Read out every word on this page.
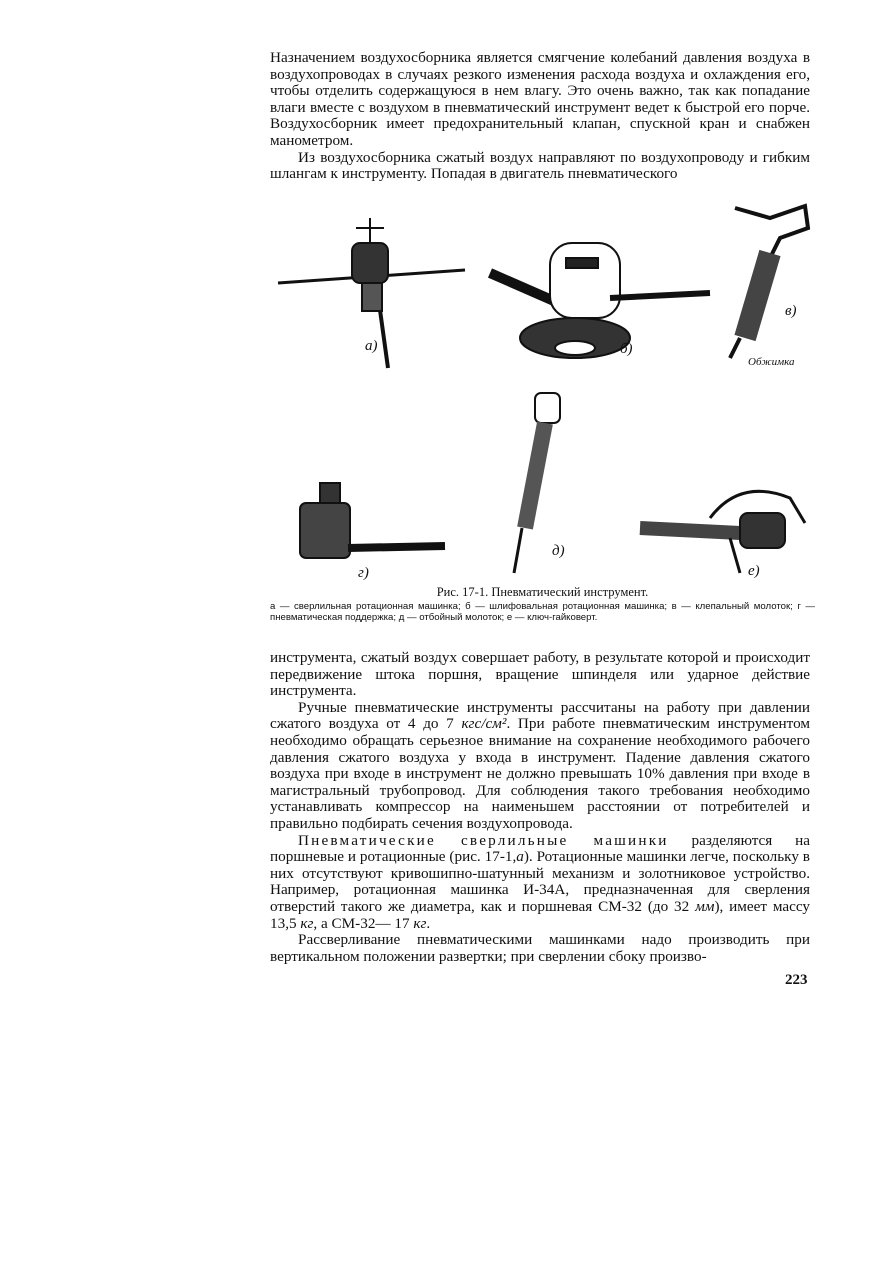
Назначением воздухосборника является смягчение колебаний давления воздуха в воздухопроводах в случаях резкого изменения расхода воздуха и охлаждения его, чтобы отделить содержащуюся в нем влагу. Это очень важно, так как попадание влаги вместе с воздухом в пневматический инструмент ведет к быстрой его порче. Воздухосборник имеет предохранительный клапан, спускной кран и снабжен манометром.

Из воздухосборника сжатый воздух направляют по воздухопроводу и гибким шлангам к инструменту. Попадая в двигатель пневматического

а)	б)
в)
Обжимка
г)
д)
е)
Рис. 17-1. Пневматический инструмент.
а — сверлильная ротационная машинка; б — шлифовальная ротационная машинка; в — клепальный молоток; г — пневматическая поддержка; д — отбойный молоток; е — ключ-гайковерт.

инструмента, сжатый воздух совершает работу, в результате которой и происходит передвижение штока поршня, вращение шпинделя или ударное действие инструмента.

Ручные пневматические инструменты рассчитаны на работу при давлении сжатого воздуха от 4 до 7 кгс/см². При работе пневматическим инструментом необходимо обращать серьезное внимание на сохранение необходимого рабочего давления сжатого воздуха у входа в инструмент. Падение давления сжатого воздуха при входе в инструмент не должно превышать 10% давления при входе в магистральный трубопровод. Для соблюдения такого требования необходимо устанавливать компрессор на наименьшем расстоянии от потребителей и правильно подбирать сечения воздухопровода.

Пневматические сверлильные машинки разделяются на поршневые и ротационные (рис. 17-1,а). Ротационные машинки легче, поскольку в них отсутствуют кривошипно-шатунный механизм и золотниковое устройство. Например, ротационная машинка И-34А, предназначенная для сверления отверстий такого же диаметра, как и поршневая СМ-32 (до 32 мм), имеет массу 13,5 кг, а СМ-32— 17 кг.

Рассверливание пневматическими машинками надо производить при вертикальном положении развертки; при сверлении сбоку произво-

223
